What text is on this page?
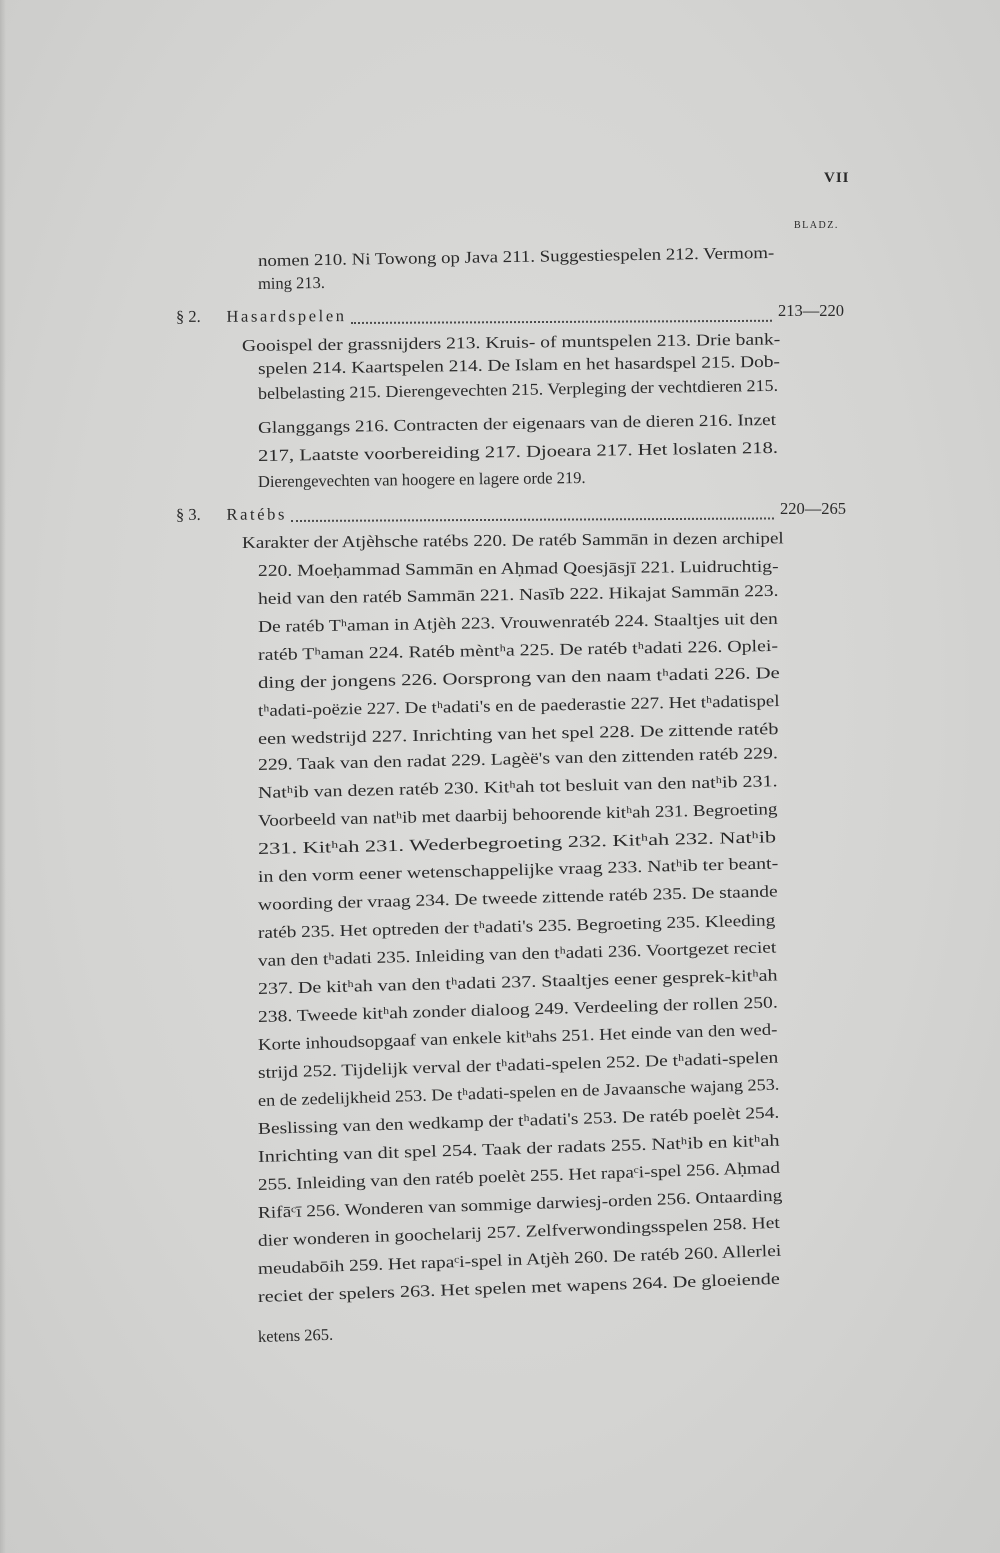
VII
BLADZ.
nomen 210. Ni Towong op Java 211. Suggestiespelen 212. Vermom-
ming 213.
§ 2. Hasardspelen	213—220
Gooispel der grassnijders 213. Kruis- of muntspelen 213. Drie bank-
spelen 214. Kaartspelen 214. De Islam en het hasardspel 215. Dob-
belbelasting 215. Dierengevechten 215. Verpleging der vechtdieren 215.
Glanggangs 216. Contracten der eigenaars van de dieren 216. Inzet
217, Laatste voorbereiding 217. Djoeara 217. Het loslaten 218.
Dierengevechten van hoogere en lagere orde 219.
§ 3. Ratébs	220—265
Karakter der Atjèhsche ratébs 220. De ratéb Sammān in dezen archipel
220. Moeḥammad Sammān en Aḥmad Qoesjāsjī 221. Luidruchtig-
heid van den ratéb Sammān 221. Nasīb 222. Hikajat Sammān 223.
De ratéb Tʰaman in Atjèh 223. Vrouwenratéb 224. Staaltjes uit den
ratéb Tʰaman 224. Ratéb mèntʰa 225. De ratéb tʰadati 226. Oplei-
ding der jongens 226. Oorsprong van den naam tʰadati 226. De
tʰadati-poëzie 227. De tʰadati's en de paederastie 227. Het tʰadatispel
een wedstrijd 227. Inrichting van het spel 228. De zittende ratéb
229. Taak van den radat 229. Lagèë's van den zittenden ratéb 229.
Natʰib van dezen ratéb 230. Kitʰah tot besluit van den natʰib 231.
Voorbeeld van natʰib met daarbij behoorende kitʰah 231. Begroeting
231. Kitʰah 231. Wederbegroeting 232. Kitʰah 232. Natʰib
in den vorm eener wetenschappelijke vraag 233. Natʰib ter beant-
woording der vraag 234. De tweede zittende ratéb 235. De staande
ratéb 235. Het optreden der tʰadati's 235. Begroeting 235. Kleeding
van den tʰadati 235. Inleiding van den tʰadati 236. Voortgezet reciet
237. De kitʰah van den tʰadati 237. Staaltjes eener gesprek-kitʰah
238. Tweede kitʰah zonder dialoog 249. Verdeeling der rollen 250.
Korte inhoudsopgaaf van enkele kitʰahs 251. Het einde van den wed-
strijd 252. Tijdelijk verval der tʰadati-spelen 252. De tʰadati-spelen
en de zedelijkheid 253. De tʰadati-spelen en de Javaansche wajang 253.
Beslissing van den wedkamp der tʰadati's 253. De ratéb poelèt 254.
Inrichting van dit spel 254. Taak der radats 255. Natʰib en kitʰah
255. Inleiding van den ratéb poelèt 255. Het rapaᶜi-spel 256. Aḥmad
Rifāᶜī 256. Wonderen van sommige darwiesj-orden 256. Ontaarding
dier wonderen in goochelarij 257. Zelfverwondingsspelen 258. Het
meudabōih 259. Het rapaᶜi-spel in Atjèh 260. De ratéb 260. Allerlei
reciet der spelers 263. Het spelen met wapens 264. De gloeiende
ketens 265.
